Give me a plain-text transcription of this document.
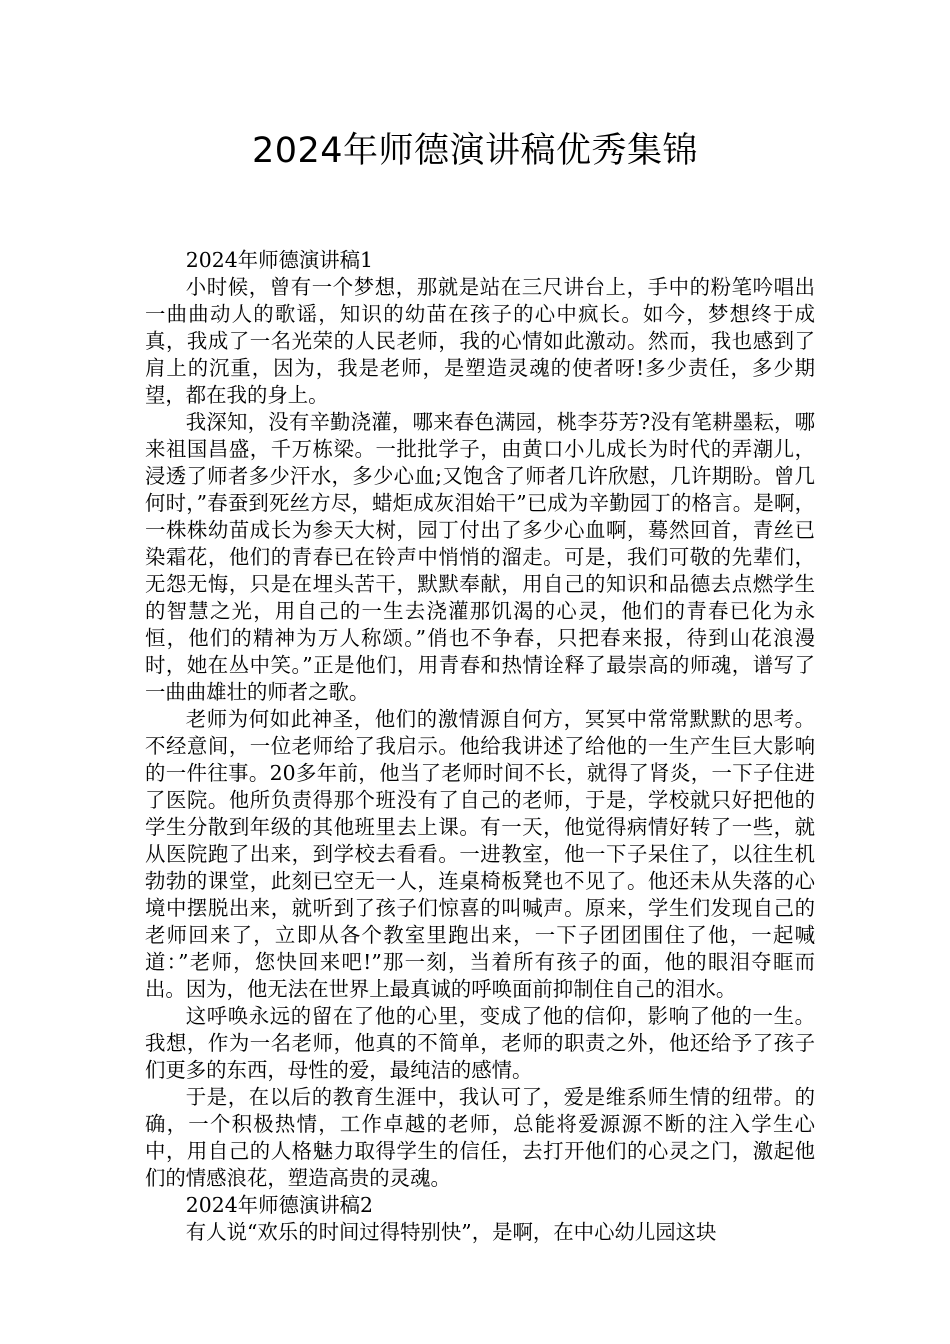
2024年师德演讲稿优秀集锦

2024年师德演讲稿1

小时候，曾有一个梦想，那就是站在三尺讲台上，手中的粉笔吟唱出一曲曲动人的歌谣，知识的幼苗在孩子的心中疯长。如今，梦想终于成真，我成了一名光荣的人民老师，我的心情如此激动。然而，我也感到了肩上的沉重，因为，我是老师，是塑造灵魂的使者呀!多少责任，多少期望，都在我的身上。

我深知，没有辛勤浇灌，哪来春色满园，桃李芬芳?没有笔耕墨耘，哪来祖国昌盛，千万栋梁。一批批学子，由黄口小儿成长为时代的弄潮儿，浸透了师者多少汗水，多少心血;又饱含了师者几许欣慰，几许期盼。曾几何时，”春蚕到死丝方尽，蜡炬成灰泪始干”已成为辛勤园丁的格言。是啊，一株株幼苗成长为参天大树，园丁付出了多少心血啊，蓦然回首，青丝已染霜花，他们的青春已在铃声中悄悄的溜走。可是，我们可敬的先辈们，无怨无悔，只是在埋头苦干，默默奉献，用自己的知识和品德去点燃学生的智慧之光，用自己的一生去浇灌那饥渴的心灵，他们的青春已化为永恒，他们的精神为万人称颂。”俏也不争春，只把春来报，待到山花浪漫时，她在丛中笑。”正是他们，用青春和热情诠释了最崇高的师魂，谱写了一曲曲雄壮的师者之歌。

老师为何如此神圣，他们的激情源自何方，冥冥中常常默默的思考。不经意间，一位老师给了我启示。他给我讲述了给他的一生产生巨大影响的一件往事。20多年前，他当了老师时间不长，就得了肾炎，一下子住进了医院。他所负责得那个班没有了自己的老师，于是，学校就只好把他的学生分散到年级的其他班里去上课。有一天，他觉得病情好转了一些，就从医院跑了出来，到学校去看看。一进教室，他一下子呆住了，以往生机勃勃的课堂，此刻已空无一人，连桌椅板凳也不见了。他还未从失落的心境中摆脱出来，就听到了孩子们惊喜的叫喊声。原来，学生们发现自己的老师回来了，立即从各个教室里跑出来，一下子团团围住了他，一起喊道：”老师，您快回来吧!”那一刻，当着所有孩子的面，他的眼泪夺眶而出。因为，他无法在世界上最真诚的呼唤面前抑制住自己的泪水。

这呼唤永远的留在了他的心里，变成了他的信仰，影响了他的一生。我想，作为一名老师，他真的不简单，老师的职责之外，他还给予了孩子们更多的东西，母性的爱，最纯洁的感情。

于是，在以后的教育生涯中，我认可了，爱是维系师生情的纽带。的确，一个积极热情，工作卓越的老师，总能将爱源源不断的注入学生心中，用自己的人格魅力取得学生的信任，去打开他们的心灵之门，激起他们的情感浪花，塑造高贵的灵魂。

2024年师德演讲稿2

有人说“欢乐的时间过得特别快”，是啊，在中心幼儿园这块
